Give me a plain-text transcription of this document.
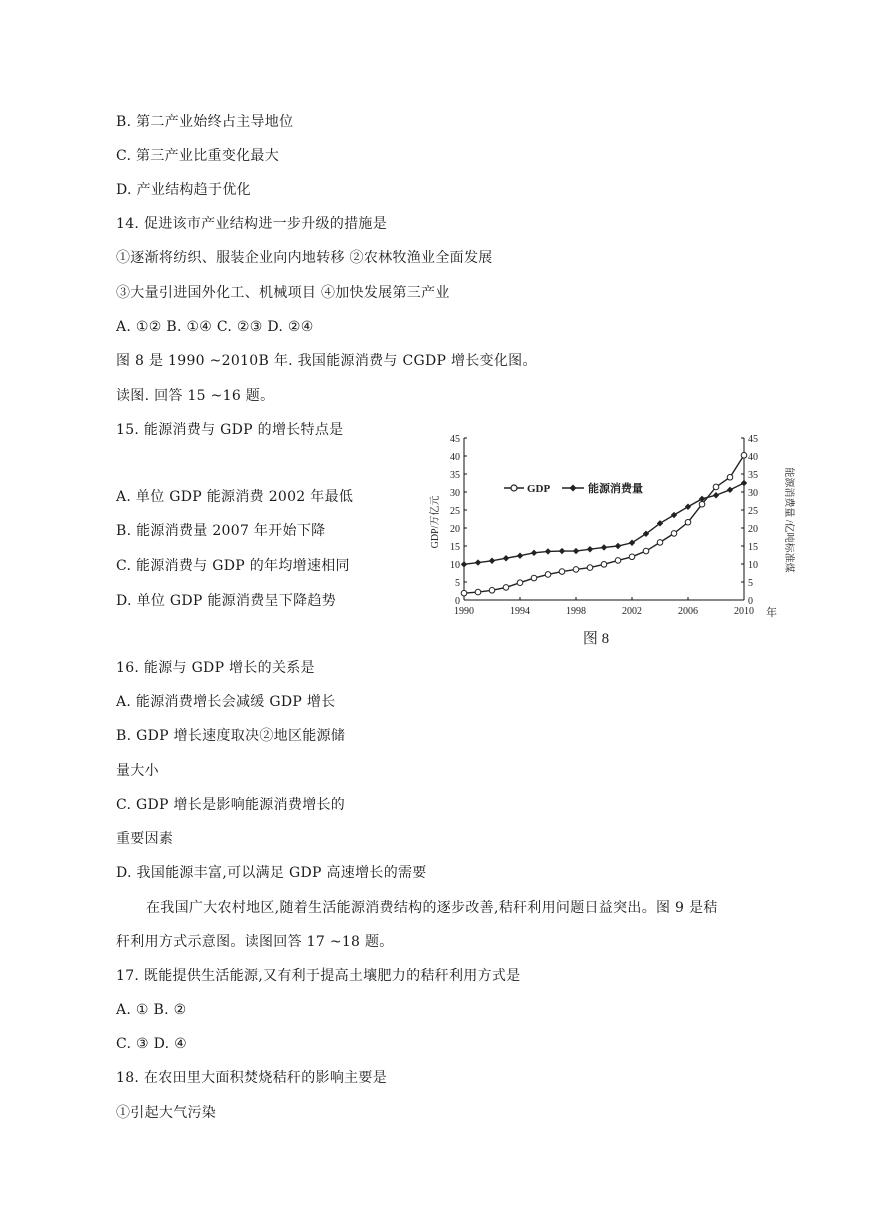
B. 第二产业始终占主导地位
C. 第三产业比重变化最大
D. 产业结构趋于优化
14. 促进该市产业结构进一步升级的措施是
①逐渐将纺织、服装企业向内地转移 ②农林牧渔业全面发展
③大量引进国外化工、机械项目 ④加快发展第三产业
A. ①② B. ①④ C. ②③ D. ②④
图 8 是 1990 ~2010B 年. 我国能源消费与 CGDP 增长变化图。
读图. 回答 15 ~16 题。
15. 能源消费与 GDP 的增长特点是
A. 单位 GDP 能源消费 2002 年最低
B. 能源消费量 2007 年开始下降
C. 能源消费与 GDP 的年均增速相同
D. 单位 GDP 能源消费呈下降趋势
16. 能源与 GDP 增长的关系是
A. 能源消费增长会减缓 GDP 增长
B. GDP 增长速度取决②地区能源储
量大小
C. GDP 增长是影响能源消费增长的
重要因素
D. 我国能源丰富,可以满足 GDP 高速增长的需要
在我国广大农村地区,随着生活能源消费结构的逐步改善,秸秆利用问题日益突出。图 9 是秸
秆利用方式示意图。读图回答 17 ~18 题。
17. 既能提供生活能源,又有利于提高土壤肥力的秸秆利用方式是
A. ① B. ②
C. ③ D. ④
18. 在农田里大面积焚烧秸秆的影响主要是
①引起大气污染
0	0
5	5
10	10
15	15
20	20
25	25
30	30
35	35
40	40
45	45
1990	1994	1998	2002	2006	2010
GDP	能源消费量
GDP/万亿元	能源消费量 /亿吨标准煤
年
图 8
